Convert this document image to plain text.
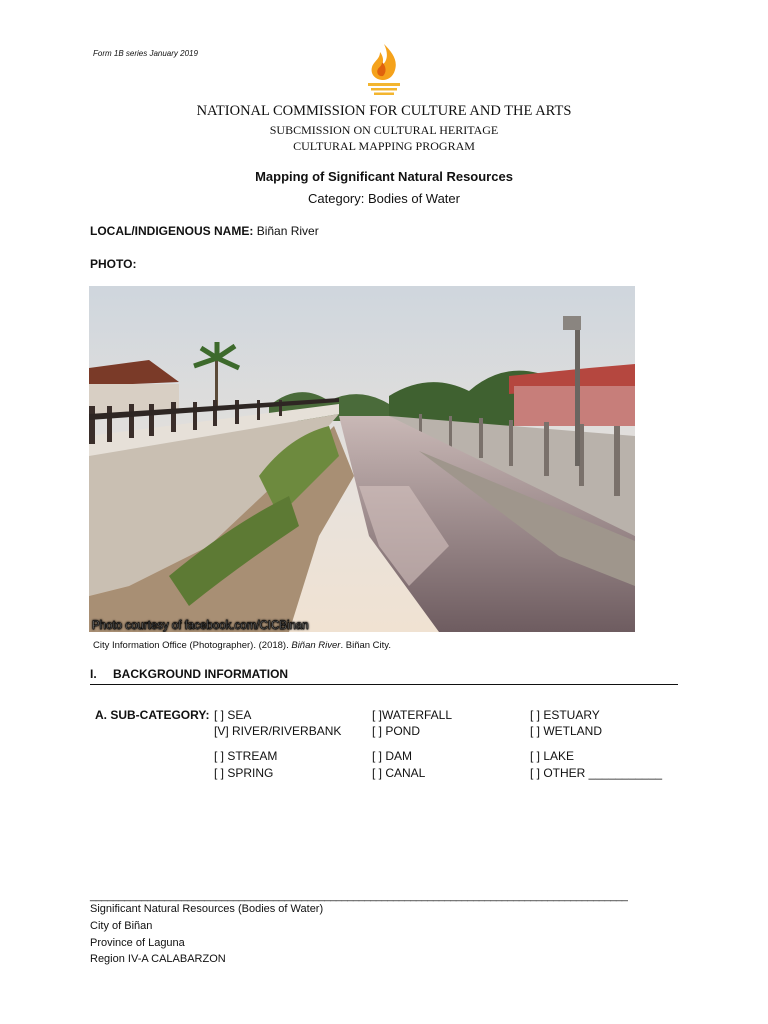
Form 1B series January 2019
NATIONAL COMMISSION FOR CULTURE AND THE ARTS
SUBCMISSION ON CULTURAL HERITAGE
CULTURAL MAPPING PROGRAM
Mapping of Significant Natural Resources
Category: Bodies of Water
LOCAL/INDIGENOUS NAME: Biñan River
PHOTO:
Photo courtesy of facebook.com/CICBinan
City Information Office (Photographer). (2018). Biñan River. Biñan City.
I. BACKGROUND INFORMATION
A. SUB-CATEGORY: [ ] SEA
[V] RIVER/RIVERBANK
[ ] STREAM
[ ] SPRING
[ ]WATERFALL
[ ] POND
[ ] DAM
[ ] CANAL
[ ] ESTUARY
[ ] WETLAND
[ ] LAKE
[ ] OTHER ___________
______________________________________________________________________________________________
Significant Natural Resources (Bodies of Water)
City of Biñan
Province of Laguna
Region IV-A CALABARZON
